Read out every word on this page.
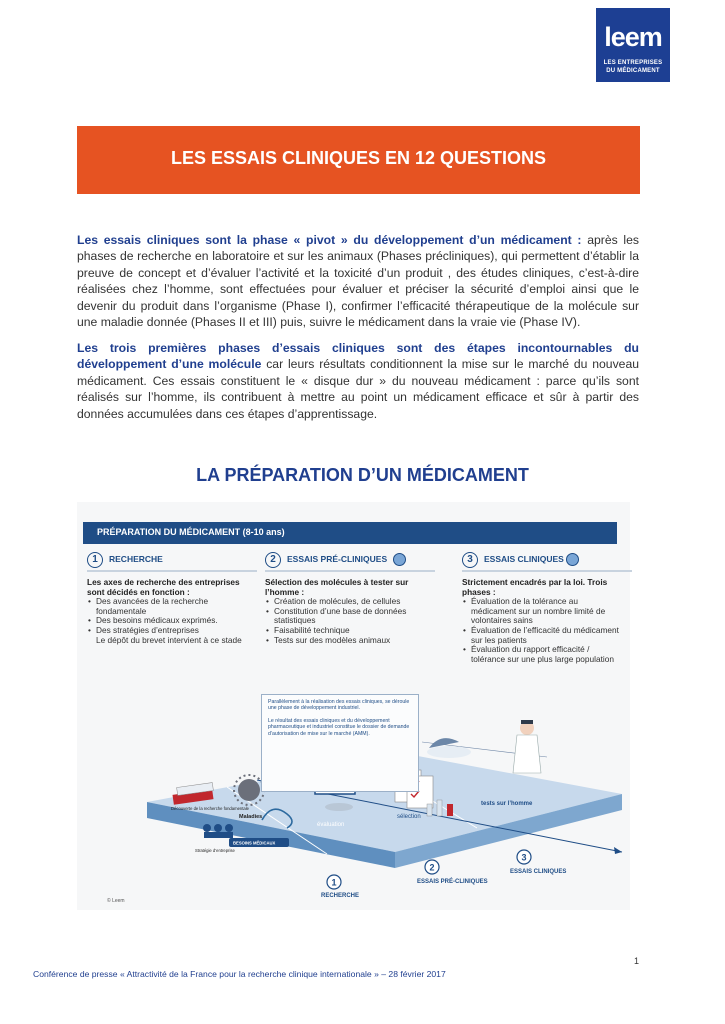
leem
LES ENTREPRISES
DU MÉDICAMENT
LES ESSAIS CLINIQUES EN 12 QUESTIONS
Les essais cliniques sont la phase « pivot » du développement d’un médicament : après les phases de recherche en laboratoire et sur les animaux (Phases précliniques), qui permettent d’établir la preuve de concept et d’évaluer l’activité et la toxicité d’un produit , des études cliniques, c’est-à-dire réalisées chez l’homme, sont effectuées pour évaluer et préciser la sécurité d’emploi ainsi que le devenir du produit dans l’organisme (Phase I), confirmer l’efficacité thérapeutique de la molécule sur une maladie donnée (Phases II et III) puis, suivre le médicament dans la vraie vie (Phase IV).
Les trois premières phases d’essais cliniques sont des étapes incontournables du développement d’une molécule car leurs résultats conditionnent la mise sur le marché du nouveau médicament. Ces essais constituent le « disque dur » du nouveau médicament : parce qu’ils sont réalisés sur l’homme, ils contribuent à mettre au point un médicament efficace et sûr à partir des données accumulées dans ces étapes d’apprentissage.
LA PRÉPARATION D’UN MÉDICAMENT
PRÉPARATION DU MÉDICAMENT (8-10 ans)
1	RECHERCHE	2	ESSAIS PRÉ-CLINIQUES	3	ESSAIS CLINIQUES
Les axes de recherche des entreprises sont décidés en fonction :
• Des avancées de la recherche fondamentale
• Des besoins médicaux exprimés.
• Des stratégies d’entreprises
Le dépôt du brevet intervient à ce stade
Sélection des molécules à tester sur l’homme :
• Création de molécules, de cellules
• Constitution d’une base de données statistiques
• Faisabilité technique
• Tests sur des modèles animaux
Strictement encadrés par la loi. Trois phases :
• Évaluation de la tolérance au médicament sur un nombre limité de volontaires sains
• Évaluation de l’efficacité du médicament sur les patients
• Évaluation du rapport efficacité / tolérance sur une plus large population
1
2
3
RECHERCHE
ESSAIS PRÉ-CLINIQUES
ESSAIS CLINIQUES
Découverte de la recherche fondamentale
Maladies
BESOINS MÉDICAUX
Stratégie d’entreprise
évaluation
sélection
tests sur l’homme

Parallèlement à la réalisation des essais cliniques, se déroule une phase de développement industriel.

Le résultat des essais cliniques et du développement pharmaceutique et industriel constitue le dossier de demande d’autorisation de mise sur le marché (AMM).

© Leem
1
Conférence de presse « Attractivité de la France pour la recherche clinique internationale » – 28 février 2017
